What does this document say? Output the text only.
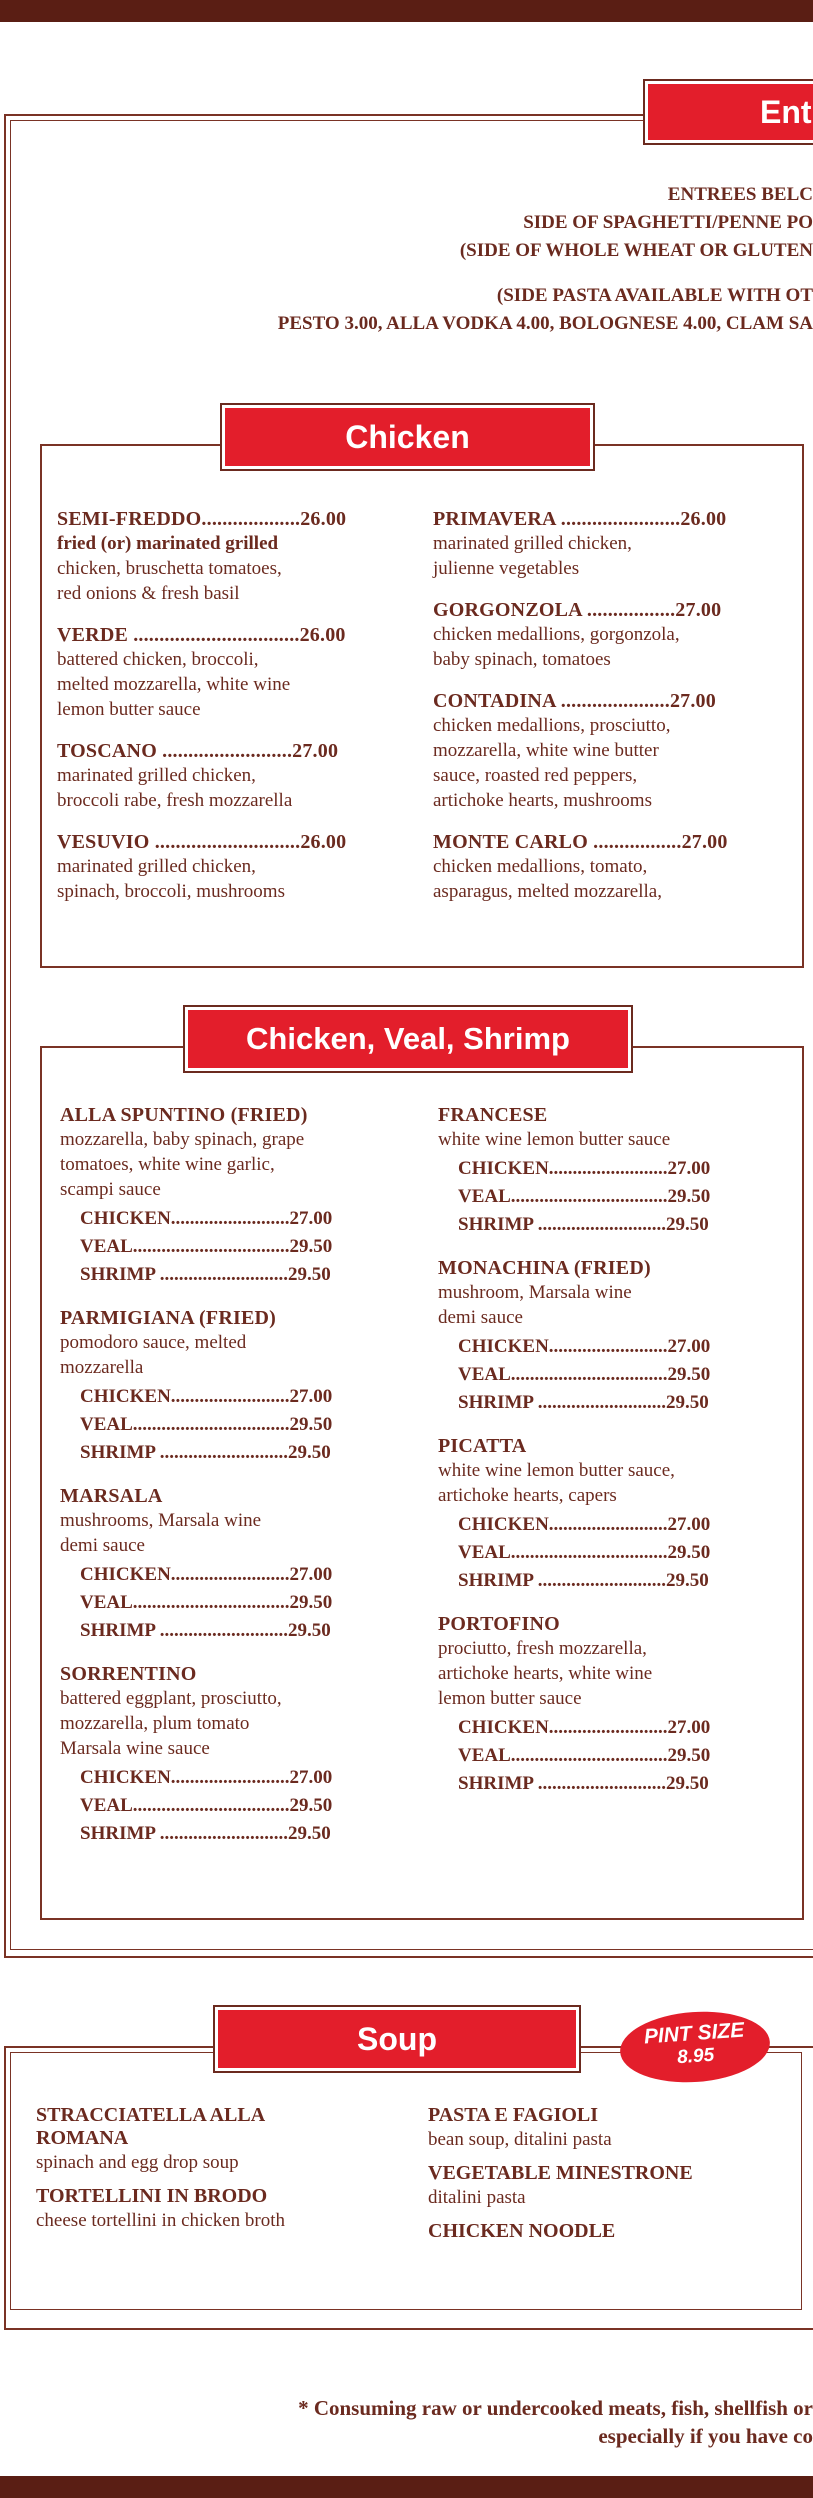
Ent
ENTREES BELC
SIDE OF SPAGHETTI/PENNE PO
(SIDE OF WHOLE WHEAT OR GLUTEN
(SIDE PASTA AVAILABLE WITH OT
PESTO 3.00, ALLA VODKA 4.00, BOLOGNESE 4.00, CLAM SA
Chicken
SEMI-FREDDO...................26.00
fried (or) marinated grilled
chicken, bruschetta tomatoes,
red onions & fresh basil
VERDE ................................26.00
battered chicken, broccoli,
melted mozzarella, white wine
lemon butter sauce
TOSCANO .........................27.00
marinated grilled chicken,
broccoli rabe, fresh mozzarella
VESUVIO ............................26.00
marinated grilled chicken,
spinach, broccoli, mushrooms
PRIMAVERA .......................26.00
marinated grilled chicken,
julienne vegetables
GORGONZOLA .................27.00
chicken medallions, gorgonzola,
baby spinach, tomatoes
CONTADINA .....................27.00
chicken medallions, prosciutto,
mozzarella, white wine butter
sauce, roasted red peppers,
artichoke hearts, mushrooms
MONTE CARLO .................27.00
chicken medallions, tomato,
asparagus, melted mozzarella,
Chicken, Veal, Shrimp
ALLA SPUNTINO (FRIED)
mozzarella, baby spinach, grape
tomatoes, white wine garlic,
scampi sauce
CHICKEN.........................27.00
VEAL.................................29.50
SHRIMP ...........................29.50
PARMIGIANA (FRIED)
pomodoro sauce, melted
mozzarella
CHICKEN.........................27.00
VEAL.................................29.50
SHRIMP ...........................29.50
MARSALA
mushrooms, Marsala wine
demi sauce
CHICKEN.........................27.00
VEAL.................................29.50
SHRIMP ...........................29.50
SORRENTINO
battered eggplant, prosciutto,
mozzarella, plum tomato
Marsala wine sauce
CHICKEN.........................27.00
VEAL.................................29.50
SHRIMP ...........................29.50
FRANCESE
white wine lemon butter sauce
CHICKEN.........................27.00
VEAL.................................29.50
SHRIMP ...........................29.50
MONACHINA (FRIED)
mushroom, Marsala wine
demi sauce
CHICKEN.........................27.00
VEAL.................................29.50
SHRIMP ...........................29.50
PICATTA
white wine lemon butter sauce,
artichoke hearts, capers
CHICKEN.........................27.00
VEAL.................................29.50
SHRIMP ...........................29.50
PORTOFINO
prociutto, fresh mozzarella,
artichoke hearts, white wine
lemon butter sauce
CHICKEN.........................27.00
VEAL.................................29.50
SHRIMP ...........................29.50
Soup	PINT SIZE
8.95
STRACCIATELLA ALLA
ROMANA
spinach and egg drop soup
TORTELLINI IN BRODO
cheese tortellini in chicken broth
PASTA E FAGIOLI
bean soup, ditalini pasta
VEGETABLE MINESTRONE
ditalini pasta
CHICKEN NOODLE
* Consuming raw or undercooked meats, fish, shellfish or
especially if you have co
